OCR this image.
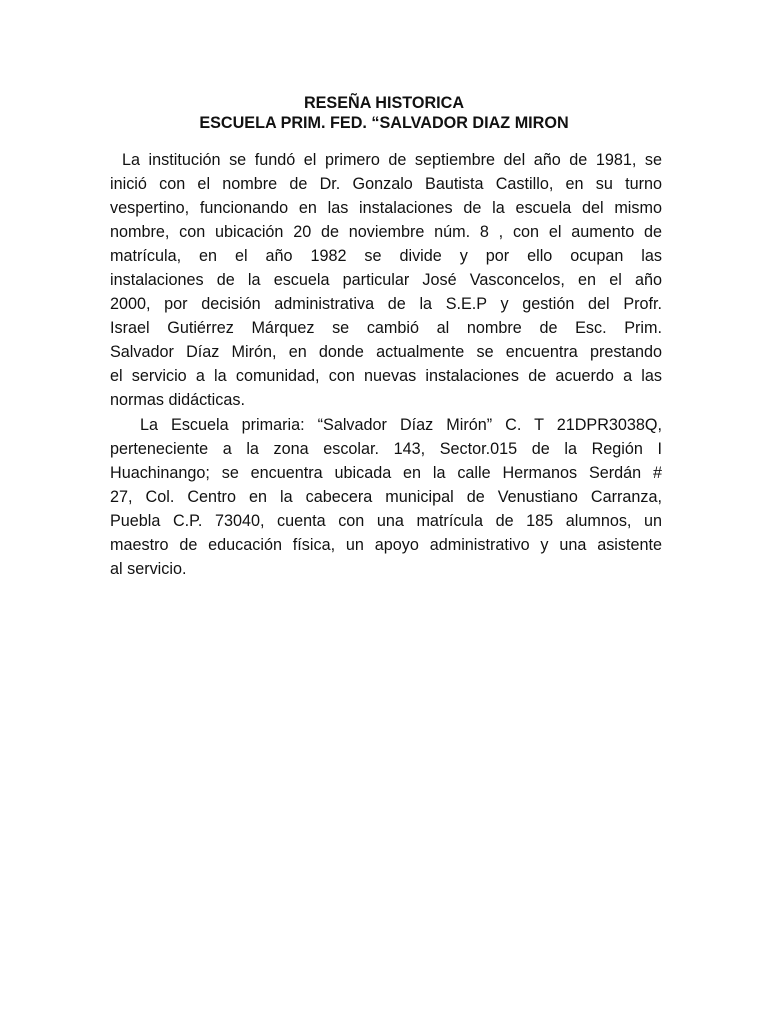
RESEÑA HISTORICA
ESCUELA PRIM. FED. “SALVADOR DIAZ MIRON
La institución se fundó el primero de septiembre del año de 1981, se
inició con el nombre de Dr. Gonzalo Bautista Castillo, en su turno
vespertino, funcionando en las instalaciones de la escuela del mismo
nombre, con ubicación 20 de noviembre núm. 8 , con el aumento de
matrícula, en el año 1982 se divide y por ello ocupan las
instalaciones de la escuela particular José Vasconcelos, en el año
2000, por decisión administrativa de la S.E.P y gestión del Profr.
Israel Gutiérrez Márquez se cambió al nombre de Esc. Prim.
Salvador Díaz Mirón, en donde actualmente se encuentra prestando
el servicio a la comunidad, con nuevas instalaciones de acuerdo a las
normas didácticas.
La Escuela primaria: “Salvador Díaz Mirón” C. T 21DPR3038Q,
perteneciente a la zona escolar. 143, Sector.015 de la Región I
Huachinango; se encuentra ubicada en la calle Hermanos Serdán #
27, Col. Centro en la cabecera municipal de Venustiano Carranza,
Puebla C.P. 73040, cuenta con una matrícula de 185 alumnos, un
maestro de educación física, un apoyo administrativo y una asistente
al servicio.
